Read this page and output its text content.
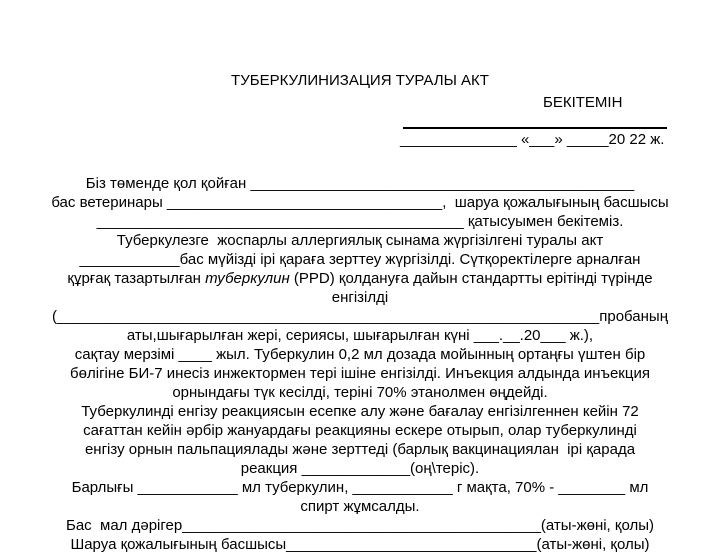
ТУБЕРКУЛИНИЗАЦИЯ ТУРАЛЫ АКТ
БЕКІТЕМІН
______________ «___» _____20 22 ж.
Біз төменде қол қойған ______________________________________________
бас ветеринары _________________________________,  шаруа қожалығының басшысы
____________________________________________ қатысуымен бекітеміз.
Туберкулезге  жоспарлы аллергиялық сынама жүргізілгені туралы акт
____________бас мүйізді ірі қараға зерттеу жүргізілді. Сүтқоректілерге арналған
құрғақ тазартылған туберкулин (PPD) қолдануға дайын стандартты ерітінді түрінде
енгізілді
(_________________________________________________________________пробаның
аты,шығарылған жері, сериясы, шығарылған күні ___.__.20___ ж.),
сақтау мерзімі ____ жыл. Туберкулин 0,2 мл дозада мойынның ортаңғы үштен бір
бөлігіне БИ-7 инесіз инжектормен тері ішіне енгізілді. Инъекция алдында инъекция
орнындағы түк кесілді, теріні 70% этанолмен өңдейді.
Туберкулинді енгізу реакциясын есепке алу және бағалау енгізілгеннен кейін 72
сағаттан кейін әрбір жануардағы реакцияны ескере отырып, олар туберкулинді
енгізу орнын пальпациялады және зерттеді (барлық вакцинациялан  ірі қарада
реакция _____________(оң\теріс).
Барлығы ____________ мл туберкулин, ____________ г мақта, 70% - ________ мл
спирт жұмсалды.
Бас  мал дәрігер___________________________________________(аты-жөні, қолы)
Шаруа қожалығының басшысы______________________________(аты-жөні, қолы)
